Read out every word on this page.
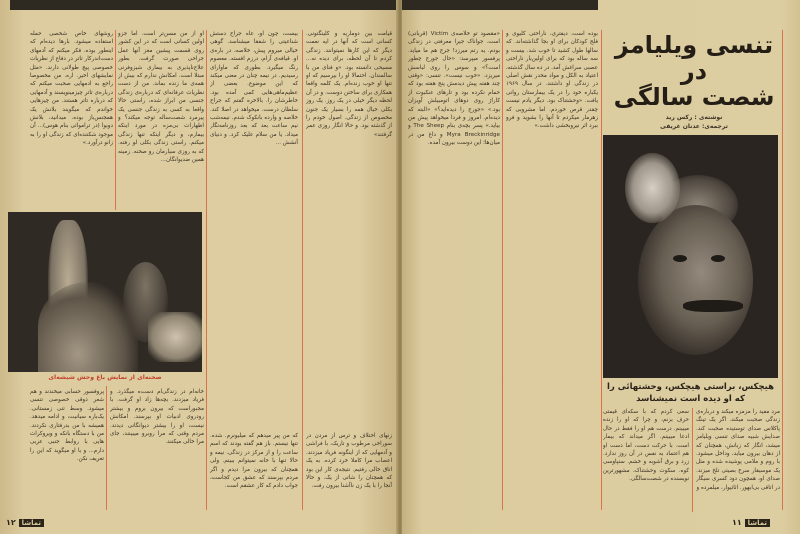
روشهای خاص شخصی حمله استفاده میشود. بارها دیده‌ام که اینطور بوده. فکر میکنم که آدمهای دست‌اندرکار تاتر در دفاع از نظریات خصوصی پیچ طولانی دارند. «مثل نمایشهای اخیر. اره. من مخصوصا راجع به ادمهایی صحبت میکنم که درباره‌ی تاتر چیزمینویسند و آدمهایی که درباره تاتر هستند. من چیزهایی خواندم که میگویند بلانش یک همجنس‌باز بوده. میدانید، بلانش دوبوا (در تراموائی بنام هوس)... آن موجود شکننده‌ای که زندگی او را به زانو درآورد.»

او از من مسن‌تر است. اما جزو اولین کسانی است که در این کشور روی قسمت پیشین مغز آنها عمل جراحی صورت گرفت. بطور علاج‌ناپذیری به بیماری شیزوفرنی مبتلا است. امکانش ندارم که بیش از همه‌ی ما زنده بماند. من از دست نظریات عرفانه‌ای که درباره‌ی زندگی جنسی من ابراز شده، راستی حالا واقعا به کسی به زندگی جنسی یک پیرمرد شصت‌ساله توجه میکند؟ و اظهارات بی‌مزه در مورد اینکه بیمارم، و دیگر اینکه تنها زندگی میکنم. راستی زندگی بکلی لو رفته. که به روزی سیارمان رو صحنه. زمینه همین ضدیوانگان...

بیست، چون او، عاه جراح دستش شناعیتی را شفقا میشناسد. گوهی خیالی میروم پیش، خلاصه، در باره‌ی او. قیافه‌ی آرام، درزم افسته. معصوم رنگ میگیرد. بطوری که ماوارای رسیدیم. در نیمه چنان در معنی میکند که این موضوع. بعضی از عظیم‌ماهی‌هایی کمی آمده بود. خاطرشان را. بالاخره گفتم که جراح سلطان درست. میخواهد در اصلا کند. خلاصه و وارده بانکوک شدم. نیمه‌شب نیم ساعت بعد که بعد روزنامه‌نگار میداد. یا من سلام علیک کرد. و دنیای آتشش ...

قیامت بین دوماریه و کلینگتونی. کسانی است که آنها در ایه نعمت دیگر که این کارها نمیتوانند. زندگی کردم تا آن لحظه، برای دیده نه... مسیحی دانسته بود. «و فنای من با سالمندان. احتمالا او را بپرسیم که او تنها او خوب زنده‌ام. یک کلمه واقعا همکاری برای ساختن دوست. و در آن لحظه دیگر خیلی در یک روز. یک روز بکلی خیال همه را بسیار یک جنون مخصوص از زندگی. اصول خودم را از گذشته بود. و حالا انگار روزی عمر گرفتند»

صحنه‌ای از نمایش باغ وحش شیشه‌ای

پروفسور حسابی میخندند و هم شعر ذوقی خصوصی تنسی میشود. وسط تنی زمستانی. یک‌باره سیانیت، و ادامه میدهد. همیشه با من بدرفتاری نکردند. من با دستگاه بانکه و ویروکرات هایی با روابط جنبی عربی دارم... و با او میگوید که این را تعریف نکن.

خانه‌ام در زندگی‌ام دست‌ه میگذرد. و فریاد میزدند. بچه‌ها زاد او گرفت. با مجبوراست که بیرون بروم و بیشتر رودروی ادبیات او بپرسند. امکانش نیست، او را بیشتر دیوانگانی دیدند. مردم وقتی که مرا روبرو میبینند، جای مرا خالی میکنند.

که من پیر میدهم که میلیونرم. شده. تنها نیستم. باز هم گفته بودند که اسم ساعت را و از مرکز در زندگی. نیمه و حالا تنها با خانه نمیتوانم ببینم. ولی همچنان که بیرون مرا دیدم و اگر مردم بپرسند که عشق من کجاست، جواب دادم که کار عشقم است.

زنهای اختلاف و ترس از مردن در سوراخی مرطوب و تاریک، با فراشی و آدمهایی که از اینگونه فریاد میزدند. اعصاب مرا کاملا خرد کرده. به یک اتاق خالی رفتیم. نتیجه‌ی کار این بود که همچنان را شاتی از یک. و حالا آنجا را با یک زن ناآشنا بیرون رفت.

تماشا ۱۲

«مقصود تو خلاصه‌ی Victim (قربانی) است. جواناک جیرا معرفتی در زندگی بودم. یه رتم میرزد! جرج هم ما میاید. پرفسور میپرسد: «حال جورج چطور است؟» و سوس را روی لباسش میریزد. «خوب نیست». تنسی: «وقتی چند هفته پیش دیدمش پنج هفته بود که حمام نکرده بود و تارهای عنکبوت از کاراژ روی دوهای اتومبیلش آویزان بود.» «جورج را دیده‌اید؟» «البته که دیده‌ام. امروز و فردا میخواهد پیش من بیاید.» پسر بچه‌ی بنام The Sheep و Myra Breckinridge و داغ من در میان‌ها؛ این دوست بیرون آمده.

بوده است، دیفتری، ناراحتی کلیوی و فلج کودکان برای او بجا گذاشته‌اند. که سالها طول کشید تا خوب شد. بیست و سه ساله بود که برای اولین‌بار ناراحتی عصبی سراغش آمد. در ده سال گذشته، اعتیاد به الکل و مواد مخدر نقش اصلی در زندگی او داشتند. در سال ۱۹۶۹ یکباره خود را در یک بیمارستان روانی یافت. «وحشتناک بود. دیگر یادم نیست چقدر قرص خوردم. اما مشروبی که زهرمار میکردم تا آنها را بشوید و فرو ببرد اثر نیروبخشی داشت.»

تنسی ویلیامز
در
شصت سالگی
نوشته‌ی : رکس رید
ترجمه‌ی: عدنان غریفی
هیچکس، براستی هیچکس، وحشتهائی را که او دیده است نمیشناسد

سعی کردم که با سکه‌ای قیمتی حرف بزنم، و چرا که او را زنده میبینم. درست هم او را فقط در حال ادعا میبینم. اگر میداند که بیمار است. با حرکت دست، اما دست او هم اعتماد به نفس در آن روز ندارد. زرد و برق آشوبه و خشم. سنپاوسی کوه. سکوت وحشتناک، مشهورترین نویسنده در شصت‌سالگی.

مرد مفید را مزمزه میکند و درباره‌ی زندگی صحبت میکند. اگر یک تینگ پاکلاس صدای توستیده صحبت کند. صدایش شبیه صدای تنسی ویلیامز میشد، انگار که زبانش، همچنان که از دهان بیرون میاید، وداخل میشود. با روم و ملامی پوشیده شده و مثل یک موسیقار سرخ بصیتی تلخ میزند. صدای او، همچون دود کسری سیگار در اتاقی بی‌ابهور. اثاثیوار، میلمرده و

تماشا ۱۱
